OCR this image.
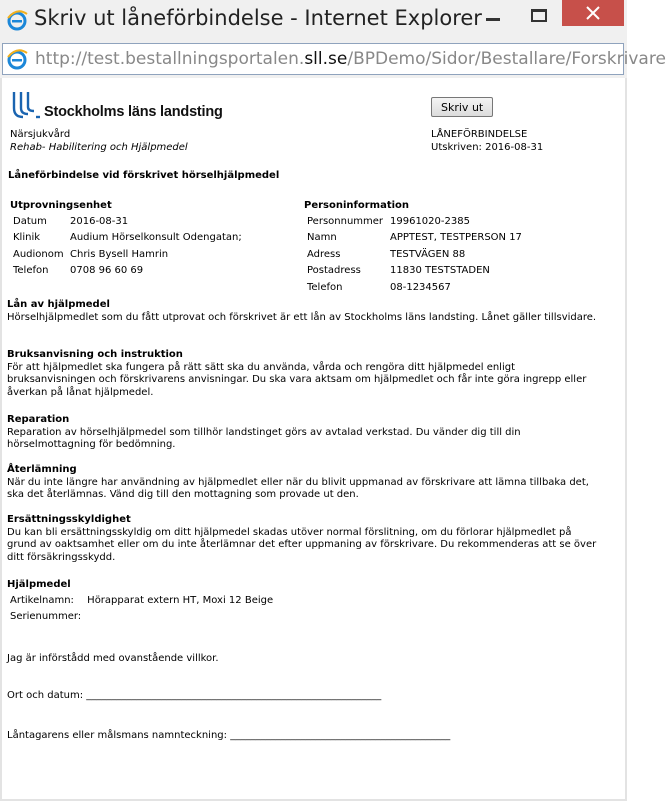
Skriv ut låneförbindelse - Internet Explorer
http://test.bestallningsportalen.sll.se/BPDemo/Sidor/Bestallare/Forskrivare
Stockholms läns landsting	Skriv ut
Närsjukvård
Rehab- Habilitering och Hjälpmedel
LÅNEFÖRBINDELSE
Utskriven: 2016-08-31
Låneförbindelse vid förskrivet hörselhjälpmedel
Utprovningsenhet
Datum	2016-08-31
Klinik	Audium Hörselkonsult Odengatan;
Audionom	Chris Bysell Hamrin
Telefon	0708 96 60 69
Personinformation
Personnummer	19961020-2385
Namn	APPTEST, TESTPERSON 17
Adress	TESTVÄGEN 88
Postadress	11830 TESTSTADEN
Telefon	08-1234567
Lån av hjälpmedel
Hörselhjälpmedlet som du fått utprovat och förskrivet är ett lån av Stockholms läns landsting. Lånet gäller tillsvidare.
Bruksanvisning och instruktion
För att hjälpmedlet ska fungera på rätt sätt ska du använda, vårda och rengöra ditt hjälpmedel enligt bruksanvisningen och förskrivarens anvisningar. Du ska vara aktsam om hjälpmedlet och får inte göra ingrepp eller åverkan på lånat hjälpmedel.
Reparation
Reparation av hörselhjälpmedel som tillhör landstinget görs av avtalad verkstad. Du vänder dig till din hörselmottagning för bedömning.
Återlämning
När du inte längre har användning av hjälpmedlet eller när du blivit uppmanad av förskrivare att lämna tillbaka det, ska det återlämnas. Vänd dig till den mottagning som provade ut den.
Ersättningsskyldighet
Du kan bli ersättningsskyldig om ditt hjälpmedel skadas utöver normal förslitning, om du förlorar hjälpmedlet på grund av oaktsamhet eller om du inte återlämnar det efter uppmaning av förskrivare. Du rekommenderas att se över ditt försäkringsskydd.
Hjälpmedel
Artikelnamn:	Hörapparat extern HT, Moxi 12 Beige
Serienummer:	
Jag är införstådd med ovanstående villkor.
Ort och datum: ___________________________________________________________
Låntagarens eller målsmans namnteckning: ____________________________________________
